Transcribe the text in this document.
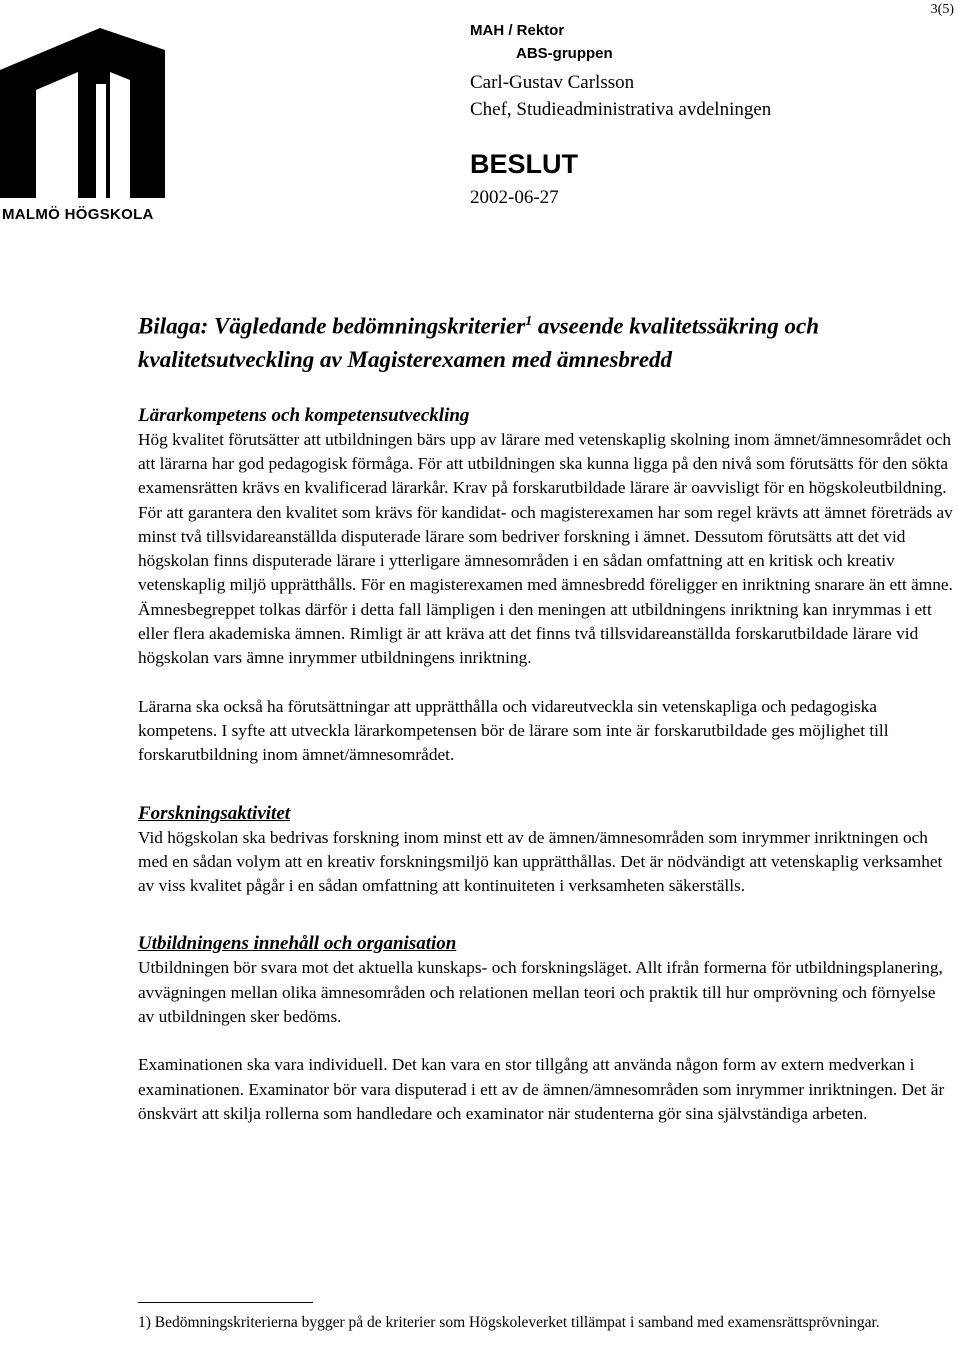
MALMÖ HÖGSKOLA
3(5)
MAH / Rektor
ABS-gruppen
Carl-Gustav Carlsson
Chef, Studieadministrativa avdelningen
BESLUT
2002-06-27
Bilaga: Vägledande bedömningskriterier$^1$ avseende kvalitetssäkring och kvalitetsutveckling av Magisterexamen med ämnesbredd
Lärarkompetens och kompetensutveckling

Hög kvalitet förutsätter att utbildningen bärs upp av lärare med vetenskaplig skolning inom ämnet/ämnesområdet och att lärarna har god pedagogisk förmåga. För att utbildningen ska kunna ligga på den nivå som förutsätts för den sökta examensrätten krävs en kvalificerad lärarkår. Krav på forskarutbildade lärare är oavvisligt för en högskoleutbildning. För att garantera den kvalitet som krävs för kandidat- och magisterexamen har som regel krävts att ämnet företräds av minst två tillsvidareanställda disputerade lärare som bedriver forskning i ämnet. Dessutom förutsätts att det vid högskolan finns disputerade lärare i ytterligare ämnesområden i en sådan omfattning att en kritisk och kreativ vetenskaplig miljö upprätthålls. För en magisterexamen med ämnesbredd föreligger en inriktning snarare än ett ämne. Ämnesbegreppet tolkas därför i detta fall lämpligen i den meningen att utbildningens inriktning kan inrymmas i ett eller flera akademiska ämnen. Rimligt är att kräva att det finns två tillsvidareanställda forskarutbildade lärare vid högskolan vars ämne inrymmer utbildningens inriktning.

Lärarna ska också ha förutsättningar att upprätthålla och vidareutveckla sin vetenskapliga och pedagogiska kompetens. I syfte att utveckla lärarkompetensen bör de lärare som inte är forskarutbildade ges möjlighet till forskarutbildning inom ämnet/ämnesområdet.

Forskningsaktivitet

Vid högskolan ska bedrivas forskning inom minst ett av de ämnen/ämnesområden som inrymmer inriktningen och med en sådan volym att en kreativ forskningsmiljö kan upprätthållas. Det är nödvändigt att vetenskaplig verksamhet av viss kvalitet pågår i en sådan omfattning att kontinuiteten i verksamheten säkerställs.

Utbildningens innehåll och organisation

Utbildningen bör svara mot det aktuella kunskaps- och forskningsläget. Allt ifrån formerna för utbildningsplanering, avvägningen mellan olika ämnesområden och relationen mellan teori och praktik till hur omprövning och förnyelse av utbildningen sker bedöms.

Examinationen ska vara individuell. Det kan vara en stor tillgång att använda någon form av extern medverkan i examinationen. Examinator bör vara disputerad i ett av de ämnen/ämnesområden som inrymmer inriktningen. Det är önskvärt att skilja rollerna som handledare och examinator när studenterna gör sina självständiga arbeten.

1) Bedömningskriterierna bygger på de kriterier som Högskoleverket tillämpat i samband med examensrättsprövningar.
